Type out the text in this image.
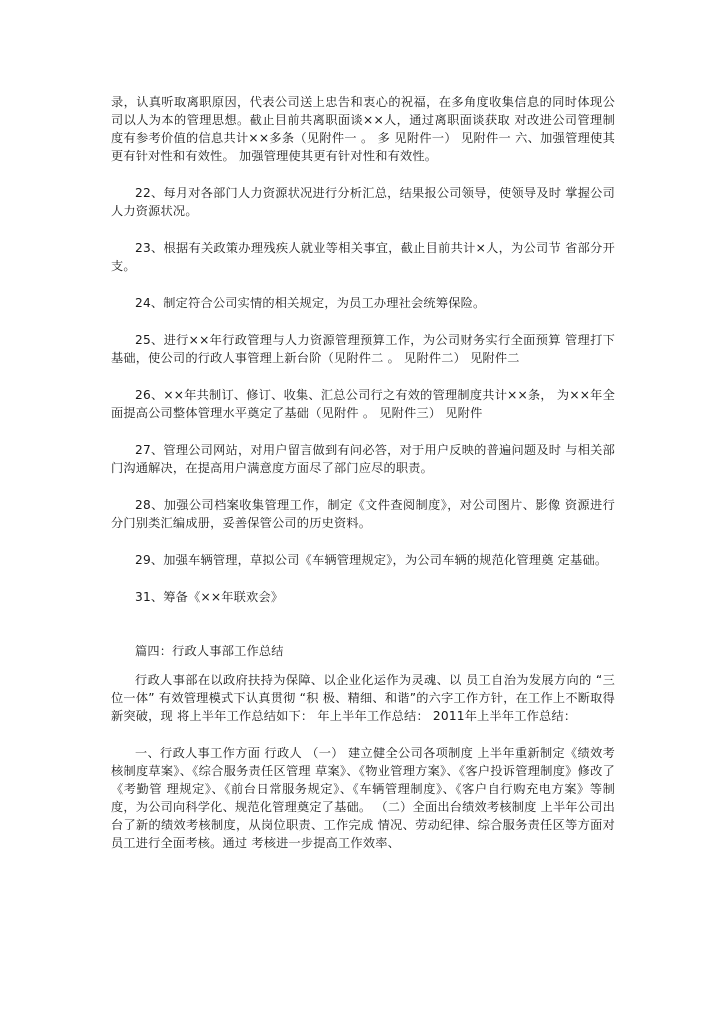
录，认真听取离职原因，代表公司送上忠告和衷心的祝福，在多角度收集信息的同时体现公司以人为本的管理思想。截止目前共离职面谈××人，通过离职面谈获取 对改进公司管理制度有参考价值的信息共计××多条（见附件一 。 多 见附件一） 见附件一 六、加强管理使其更有针对性和有效性。 加强管理使其更有针对性和有效性。

22、每月对各部门人力资源状况进行分析汇总，结果报公司领导，使领导及时 掌握公司人力资源状况。

23、根据有关政策办理残疾人就业等相关事宜，截止目前共计×人，为公司节 省部分开支。

24、制定符合公司实情的相关规定，为员工办理社会统筹保险。

25、进行××年行政管理与人力资源管理预算工作，为公司财务实行全面预算 管理打下基础，使公司的行政人事管理上新台阶（见附件二 。 见附件二） 见附件二

26、××年共制订、修订、收集、汇总公司行之有效的管理制度共计××条， 为××年全面提高公司整体管理水平奠定了基础（见附件 。 见附件三） 见附件

27、管理公司网站，对用户留言做到有问必答，对于用户反映的普遍问题及时 与相关部门沟通解决，在提高用户满意度方面尽了部门应尽的职责。

28、加强公司档案收集管理工作，制定《文件查阅制度》，对公司图片、影像 资源进行分门别类汇编成册，妥善保管公司的历史资料。

29、加强车辆管理，草拟公司《车辆管理规定》，为公司车辆的规范化管理奠 定基础。

31、筹备《××年联欢会》

篇四：行政人事部工作总结

行政人事部在以政府扶持为保障、以企业化运作为灵魂、以 员工自治为发展方向的 “三位一体” 有效管理模式下认真贯彻 “积 极、精细、和谐”的六字工作方针，在工作上不断取得新突破，现 将上半年工作总结如下： 年上半年工作总结： 2011年上半年工作总结：

一、行政人事工作方面 行政人 （一） 建立健全公司各项制度 上半年重新制定《绩效考核制度草案》、《综合服务责任区管理 草案》、《物业管理方案》、《客户投诉管理制度》修改了《考勤管 理规定》、《前台日常服务规定》、《车辆管理制度》、《客户自行购充电方案》等制度，为公司向科学化、规范化管理奠定了基础。 （二）全面出台绩效考核制度 上半年公司出台了新的绩效考核制度，从岗位职责、工作完成 情况、劳动纪律、综合服务责任区等方面对员工进行全面考核。通过 考核进一步提高工作效率、
